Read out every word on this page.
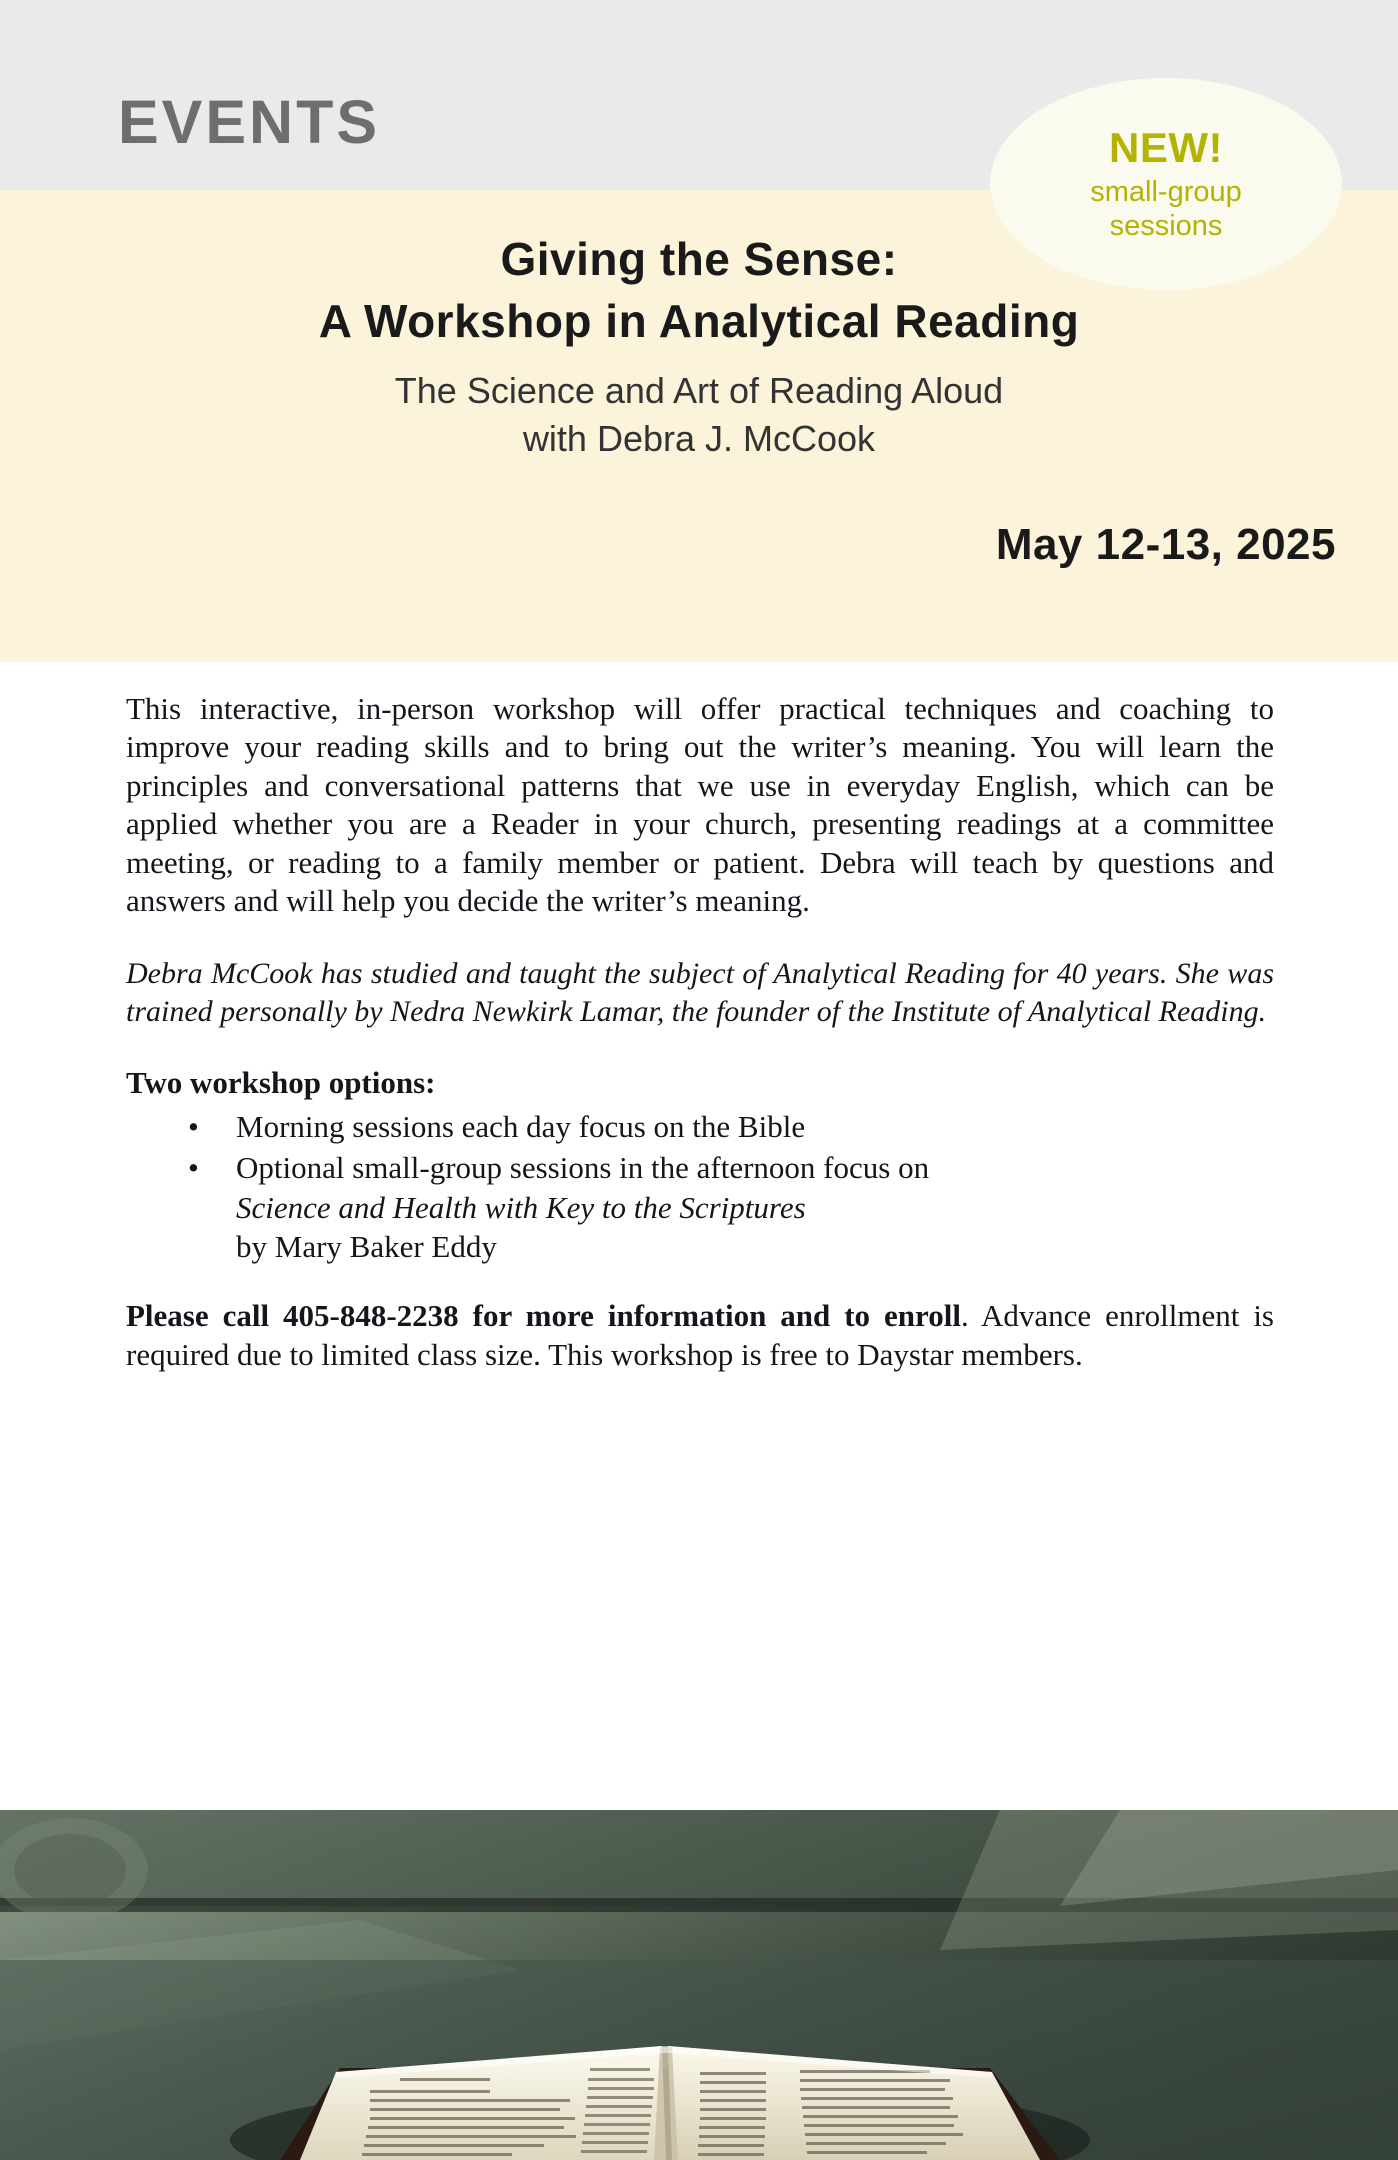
EVENTS
Giving the Sense:
A Workshop in Analytical Reading
The Science and Art of Reading Aloud
with Debra J. McCook
May 12-13, 2025
NEW!
small-group
sessions

This interactive, in-person workshop will offer practical techniques and coaching to improve your reading skills and to bring out the writer’s meaning. You will learn the principles and conversational patterns that we use in everyday English, which can be applied whether you are a Reader in your church, presenting readings at a committee meeting, or reading to a family member or patient. Debra will teach by questions and answers and will help you decide the writer’s meaning.

Debra McCook has studied and taught the subject of Analytical Reading for 40 years. She was trained personally by Nedra Newkirk Lamar, the founder of the Institute of Analytical Reading.

Two workshop options:
• Morning sessions each day focus on the Bible
• Optional small-group sessions in the afternoon focus on
Science and Health with Key to the Scriptures
by Mary Baker Eddy

Please call 405-848-2238 for more information and to enroll. Advance enrollment is required due to limited class size. This workshop is free to Daystar members.
